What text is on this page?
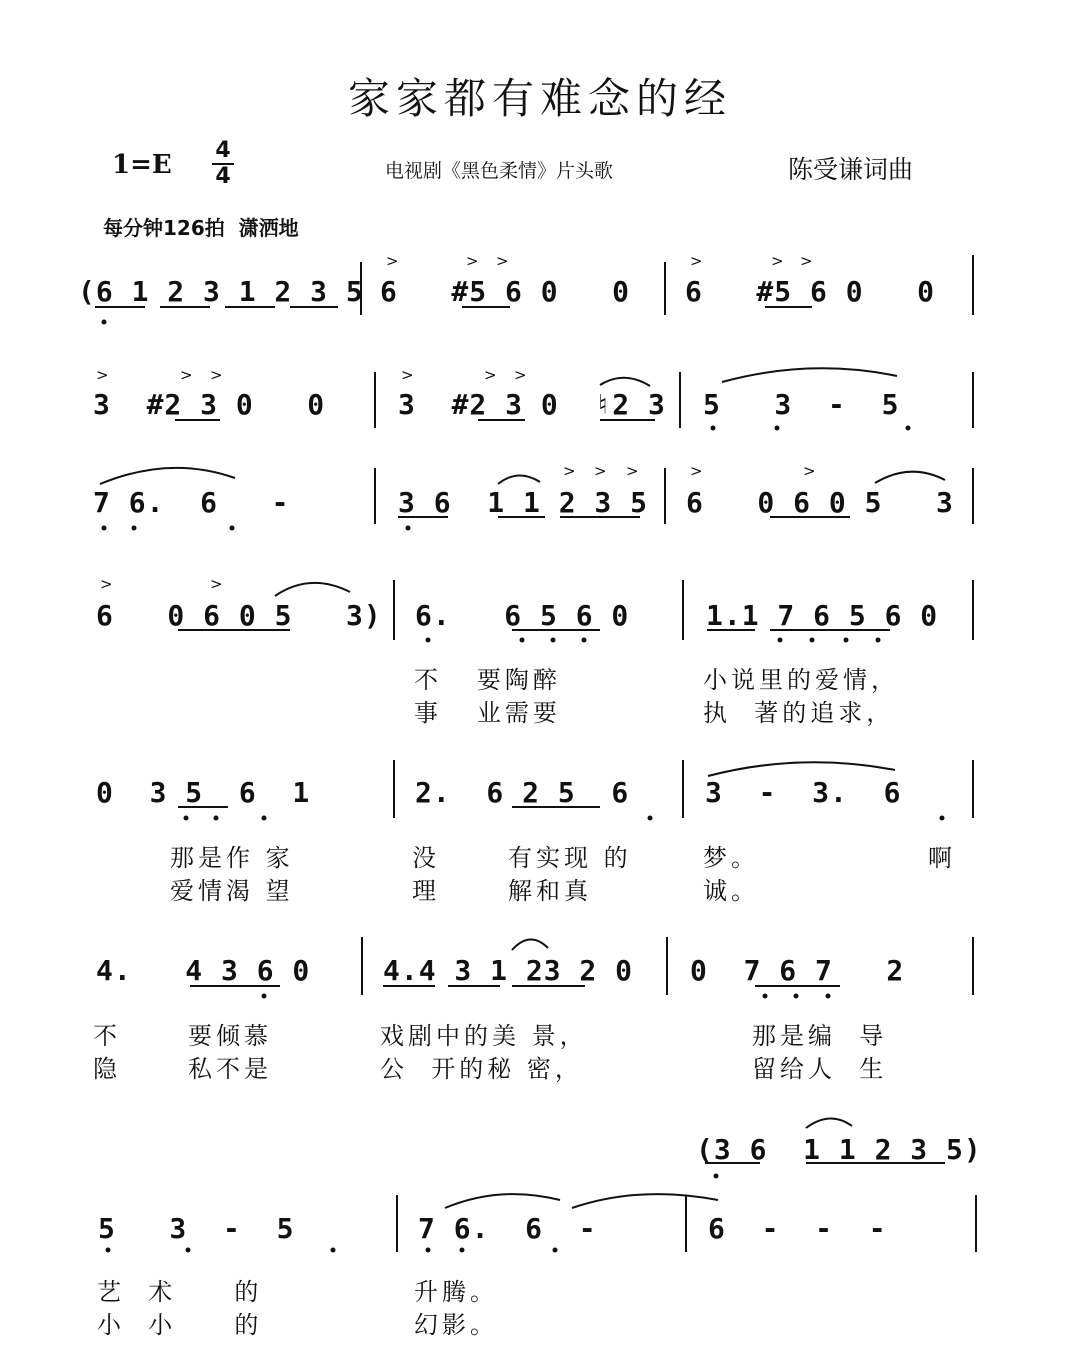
家家都有难念的经
1=E 4
4	电视剧《黑色柔情》片头歌	陈受谦词曲
每分钟126拍  潇洒地
(6 1 2 3 1 2 3 5 6   #5 6 0   0 6   #5 6 0   0
3  #2 3 0   0	3  #2 3 0  ♮2 3 5   3  -  5
7 6.  6   -	3 6  1 1 2 3 5 6   0 6 0 5   3
6   0 6 0 5   3) 6.   6 5 6 0	1.1 7 6 5 6 0
0  3 5  6  1	2.  6 2 5  6	3  -  3.  6
4.   4 3 6 0	4.4 3 1 23 2 0 0  7 6 7   2
(3 6  1 1 2 3 5)
5   3  -  5	7 6.  6  -	6  -  -  -
不   要陶醉	小说里的爱情，
事   业需要	执  著的追求，
那是作 家	没	有实现 的	梦。	啊
爱情渴 望	理	解和真	诚。
不	要倾慕	戏剧中的美 景，	那是编  导
隐	私不是	公  开的秘 密，	留给人  生
艺  术     的	升腾。
小  小     的	幻影。
>	> >	>	> >
>	> >	>	> >
> > >	>	>
>	>
